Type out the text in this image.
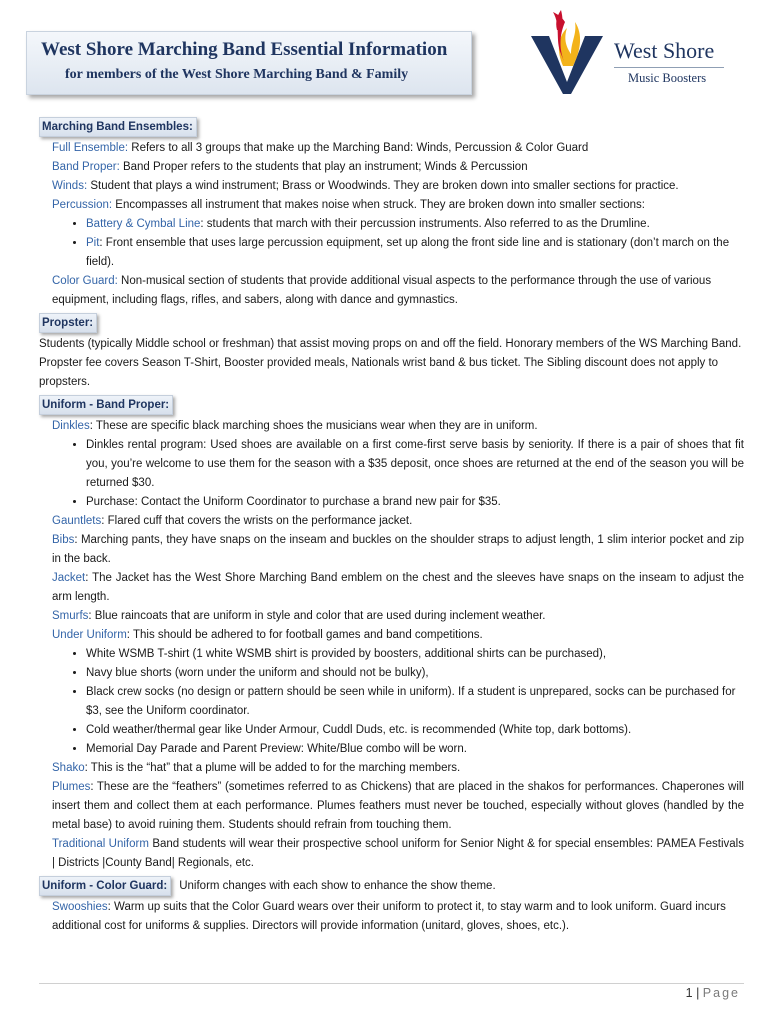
West Shore Marching Band Essential Information
for members of the West Shore Marching Band & Family
West Shore
Music Boosters
Marching Band Ensembles:
Full Ensemble: Refers to all 3 groups that make up the Marching Band: Winds, Percussion & Color Guard
Band Proper: Band Proper refers to the students that play an instrument; Winds & Percussion
Winds: Student that plays a wind instrument; Brass or Woodwinds. They are broken down into smaller sections for practice.
Percussion: Encompasses all instrument that makes noise when struck. They are broken down into smaller sections:
• Battery & Cymbal Line: students that march with their percussion instruments. Also referred to as the Drumline.
• Pit: Front ensemble that uses large percussion equipment, set up along the front side line and is stationary (don’t march on the field).
Color Guard: Non-musical section of students that provide additional visual aspects to the performance through the use of various equipment, including flags, rifles, and sabers, along with dance and gymnastics.
Propster:
Students (typically Middle school or freshman) that assist moving props on and off the field. Honorary members of the WS Marching Band. Propster fee covers Season T-Shirt, Booster provided meals, Nationals wrist band & bus ticket. The Sibling discount does not apply to propsters.
Uniform - Band Proper:
Dinkles: These are specific black marching shoes the musicians wear when they are in uniform.
• Dinkles rental program: Used shoes are available on a first come-first serve basis by seniority. If there is a pair of shoes that fit you, you’re welcome to use them for the season with a $35 deposit, once shoes are returned at the end of the season you will be returned $30.
• Purchase: Contact the Uniform Coordinator to purchase a brand new pair for $35.
Gauntlets: Flared cuff that covers the wrists on the performance jacket.
Bibs: Marching pants, they have snaps on the inseam and buckles on the shoulder straps to adjust length, 1 slim interior pocket and zip in the back.
Jacket: The Jacket has the West Shore Marching Band emblem on the chest and the sleeves have snaps on the inseam to adjust the arm length.
Smurfs: Blue raincoats that are uniform in style and color that are used during inclement weather.
Under Uniform: This should be adhered to for football games and band competitions.
• White WSMB T-shirt (1 white WSMB shirt is provided by boosters, additional shirts can be purchased),
• Navy blue shorts (worn under the uniform and should not be bulky),
• Black crew socks (no design or pattern should be seen while in uniform). If a student is unprepared, socks can be purchased for $3, see the Uniform coordinator.
• Cold weather/thermal gear like Under Armour, Cuddl Duds, etc. is recommended (White top, dark bottoms).
• Memorial Day Parade and Parent Preview: White/Blue combo will be worn.
Shako: This is the “hat” that a plume will be added to for the marching members.
Plumes: These are the “feathers” (sometimes referred to as Chickens) that are placed in the shakos for performances. Chaperones will insert them and collect them at each performance. Plumes feathers must never be touched, especially without gloves (handled by the metal base) to avoid ruining them. Students should refrain from touching them.
Traditional Uniform Band students will wear their prospective school uniform for Senior Night & for special ensembles: PAMEA Festivals | Districts |County Band| Regionals, etc.
Uniform - Color Guard: Uniform changes with each show to enhance the show theme.
Swooshies: Warm up suits that the Color Guard wears over their uniform to protect it, to stay warm and to look uniform. Guard incurs additional cost for uniforms & supplies. Directors will provide information (unitard, gloves, shoes, etc.).
1 | Page
